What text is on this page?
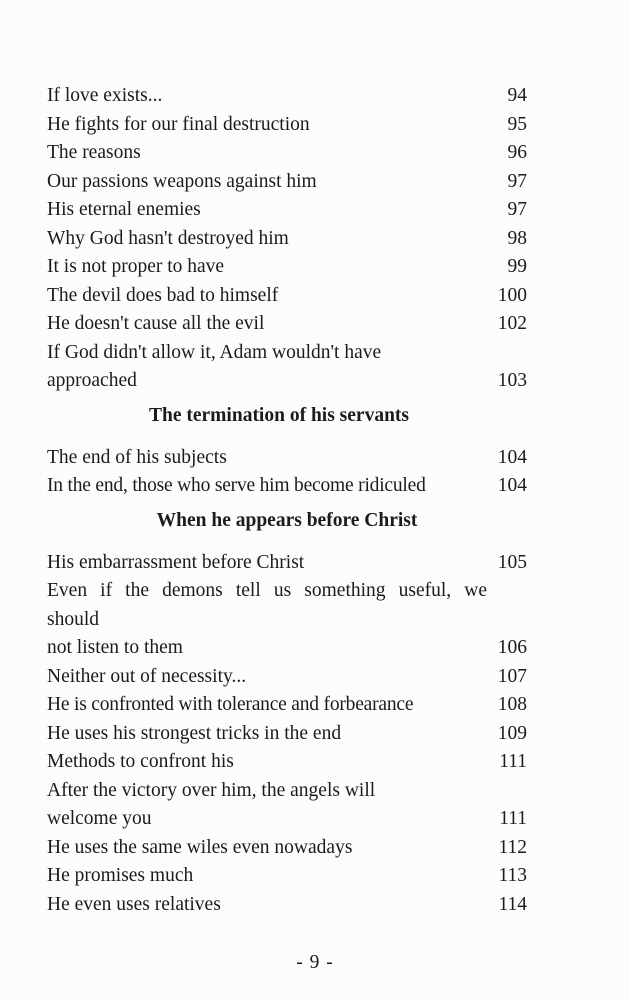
If love exists...	94
He fights for our final destruction	95
The reasons	96
Our passions weapons against him	97
His eternal enemies	97
Why God hasn't destroyed him	98
It is not proper to have	99
The devil does bad to himself	100
He doesn't cause all the evil	102
If God didn't allow it, Adam wouldn't have
approached	103
The termination of his servants
The end of his subjects	104
In the end, those who serve him become ridiculed	104
When he appears before Christ
His embarrassment before Christ	105
Even if the demons tell us something useful, we
should
not listen to them	106
Neither out of necessity...	107
He is confronted with tolerance and forbearance	108
He uses his strongest tricks in the end	109
Methods to confront his	111
After the victory over him, the angels will
welcome you	111
He uses the same wiles even nowadays	112
He promises much	113
He even uses relatives	114
- 9 -
